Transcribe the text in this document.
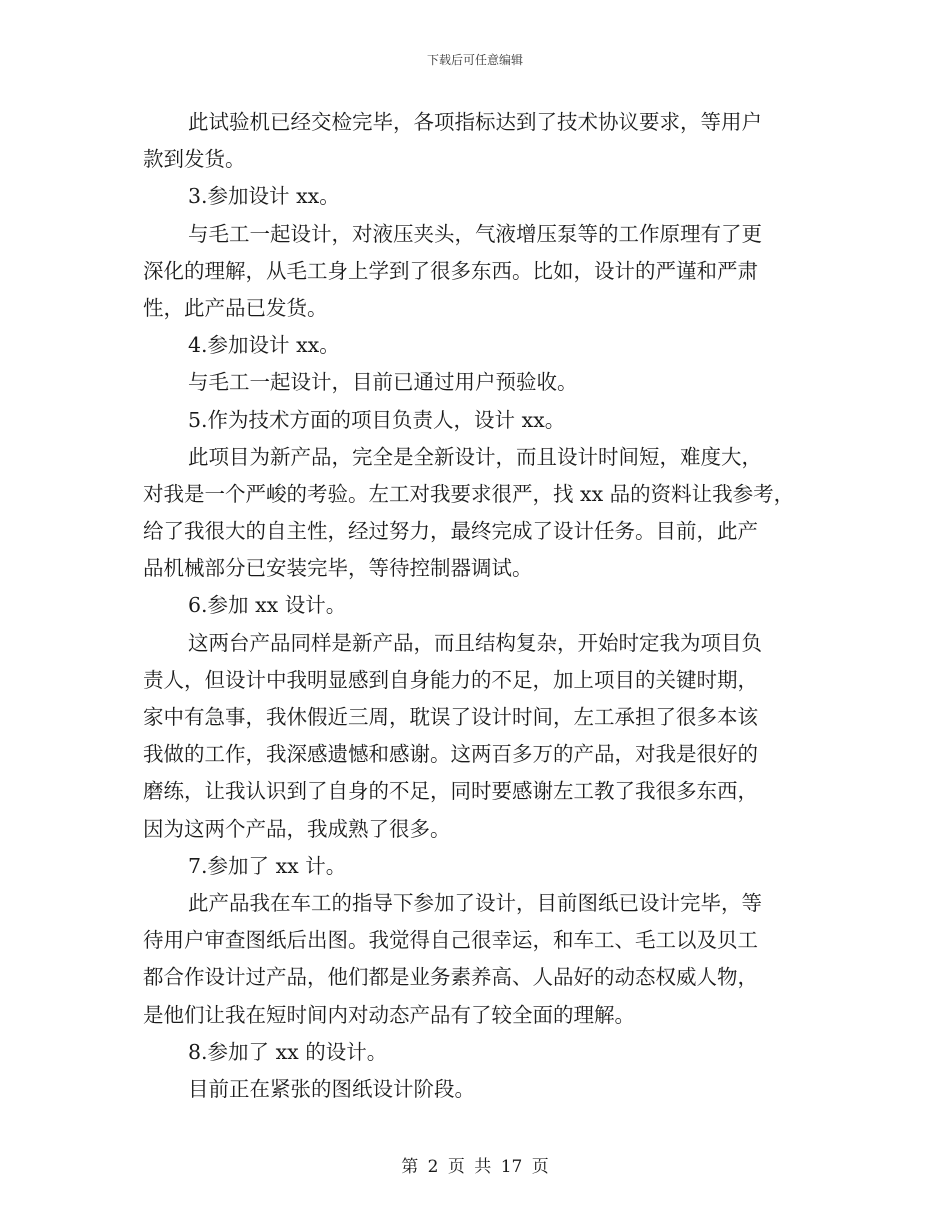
下载后可任意编辑
此试验机已经交检完毕，各项指标达到了技术协议要求，等用户
款到发货。
3.参加设计 xx。
与毛工一起设计，对液压夹头，气液增压泵等的工作原理有了更
深化的理解，从毛工身上学到了很多东西。比如，设计的严谨和严肃
性，此产品已发货。
4.参加设计 xx。
与毛工一起设计，目前已通过用户预验收。
5.作为技术方面的项目负责人，设计 xx。
此项目为新产品，完全是全新设计，而且设计时间短，难度大，
对我是一个严峻的考验。左工对我要求很严，找 xx 品的资料让我参考，
给了我很大的自主性，经过努力，最终完成了设计任务。目前，此产
品机械部分已安装完毕，等待控制器调试。
6.参加 xx 设计。
这两台产品同样是新产品，而且结构复杂，开始时定我为项目负
责人，但设计中我明显感到自身能力的不足，加上项目的关键时期，
家中有急事，我休假近三周，耽误了设计时间，左工承担了很多本该
我做的工作，我深感遗憾和感谢。这两百多万的产品，对我是很好的
磨练，让我认识到了自身的不足，同时要感谢左工教了我很多东西，
因为这两个产品，我成熟了很多。
7.参加了 xx 计。
此产品我在车工的指导下参加了设计，目前图纸已设计完毕，等
待用户审查图纸后出图。我觉得自己很幸运，和车工、毛工以及贝工
都合作设计过产品，他们都是业务素养高、人品好的动态权威人物，
是他们让我在短时间内对动态产品有了较全面的理解。
8.参加了 xx 的设计。
目前正在紧张的图纸设计阶段。
第 2 页 共 17 页
